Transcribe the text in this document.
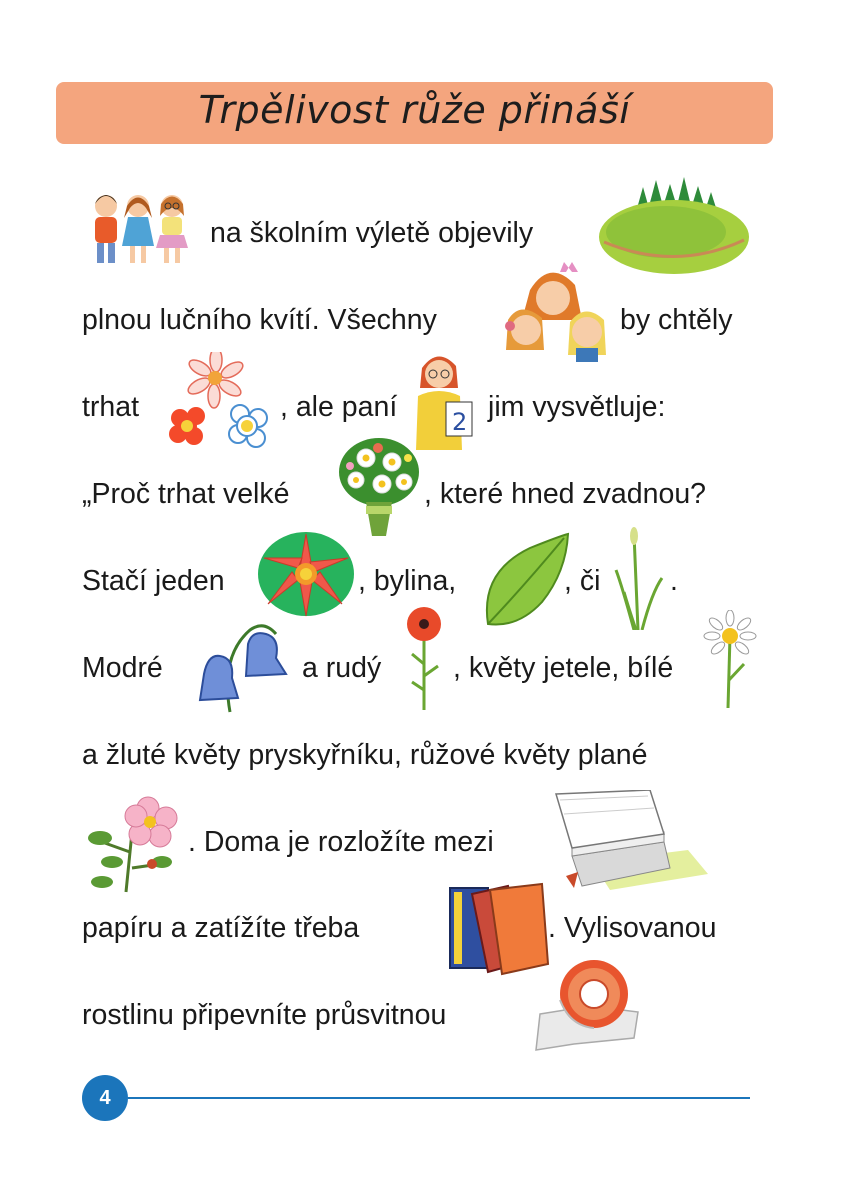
Trpělivost růže přináší
na školním výletě objevily
plnou lučního kvítí. Všechny	by chtěly
trhat	, ale paní 2 jim vysvětluje:
„Proč trhat velké	, které hned zvadnou?
Stačí jeden	, bylina,	, či .
Modré	a rudý	, květy jetele, bílé
a žluté květy pryskyřníku, růžové květy plané
. Doma je rozložíte mezi
papíru a zatížíte třeba	. Vylisovanou
rostlinu připevníte průsvitnou
4
